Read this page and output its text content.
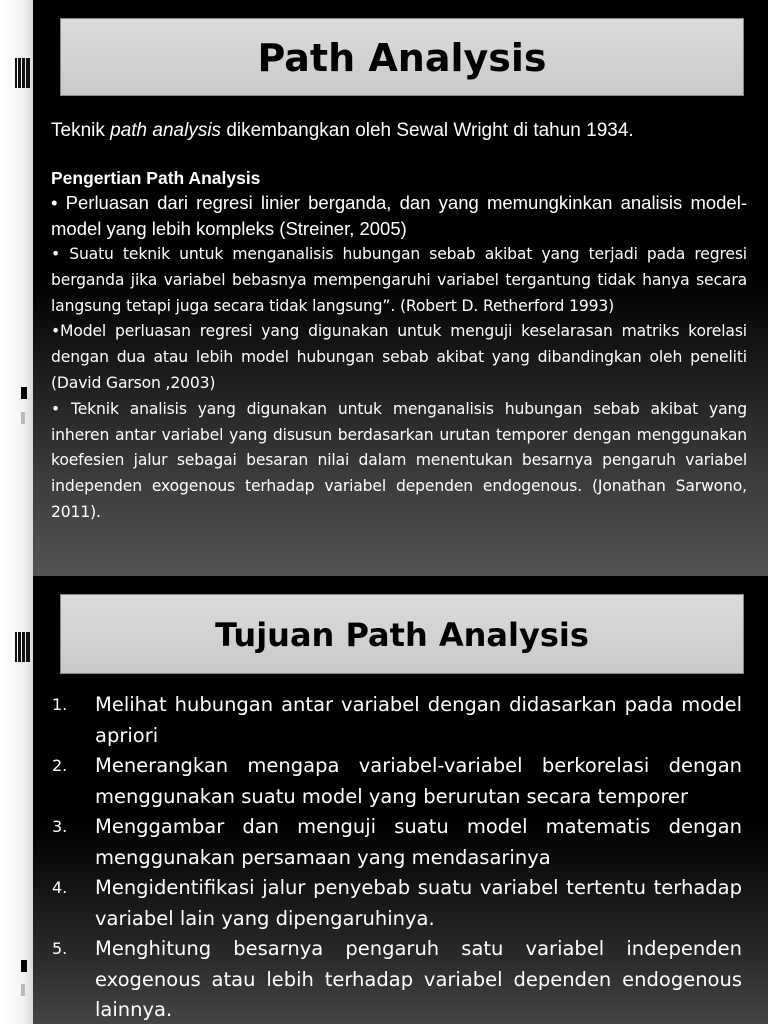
Path Analysis

Teknik path analysis dikembangkan oleh Sewal Wright di tahun 1934.

Pengertian Path Analysis

• Perluasan dari regresi linier berganda, dan yang memungkinkan analisis model-model yang lebih kompleks (Streiner, 2005)

• Suatu teknik untuk menganalisis hubungan sebab akibat yang terjadi pada regresi berganda jika variabel bebasnya mempengaruhi variabel tergantung tidak hanya secara langsung tetapi juga secara tidak langsung”. (Robert D. Retherford 1993)

•Model perluasan regresi yang digunakan untuk menguji keselarasan matriks korelasi dengan dua atau lebih model hubungan sebab akibat yang dibandingkan oleh peneliti (David Garson ,2003)

• Teknik analisis yang digunakan untuk menganalisis hubungan sebab akibat yang inheren antar variabel yang disusun berdasarkan urutan temporer dengan menggunakan koefesien jalur sebagai besaran nilai dalam menentukan besarnya pengaruh variabel independen exogenous terhadap variabel dependen endogenous. (Jonathan Sarwono, 2011).

Tujuan Path Analysis
1. Melihat hubungan antar variabel dengan didasarkan pada model apriori
2. Menerangkan mengapa variabel-variabel berkorelasi dengan menggunakan suatu model yang berurutan secara temporer
3. Menggambar dan menguji suatu model matematis dengan menggunakan persamaan yang mendasarinya
4. Mengidentifikasi jalur penyebab suatu variabel tertentu terhadap variabel lain yang dipengaruhinya.
5. Menghitung besarnya pengaruh satu variabel independen exogenous atau lebih terhadap variabel dependen endogenous lainnya.
